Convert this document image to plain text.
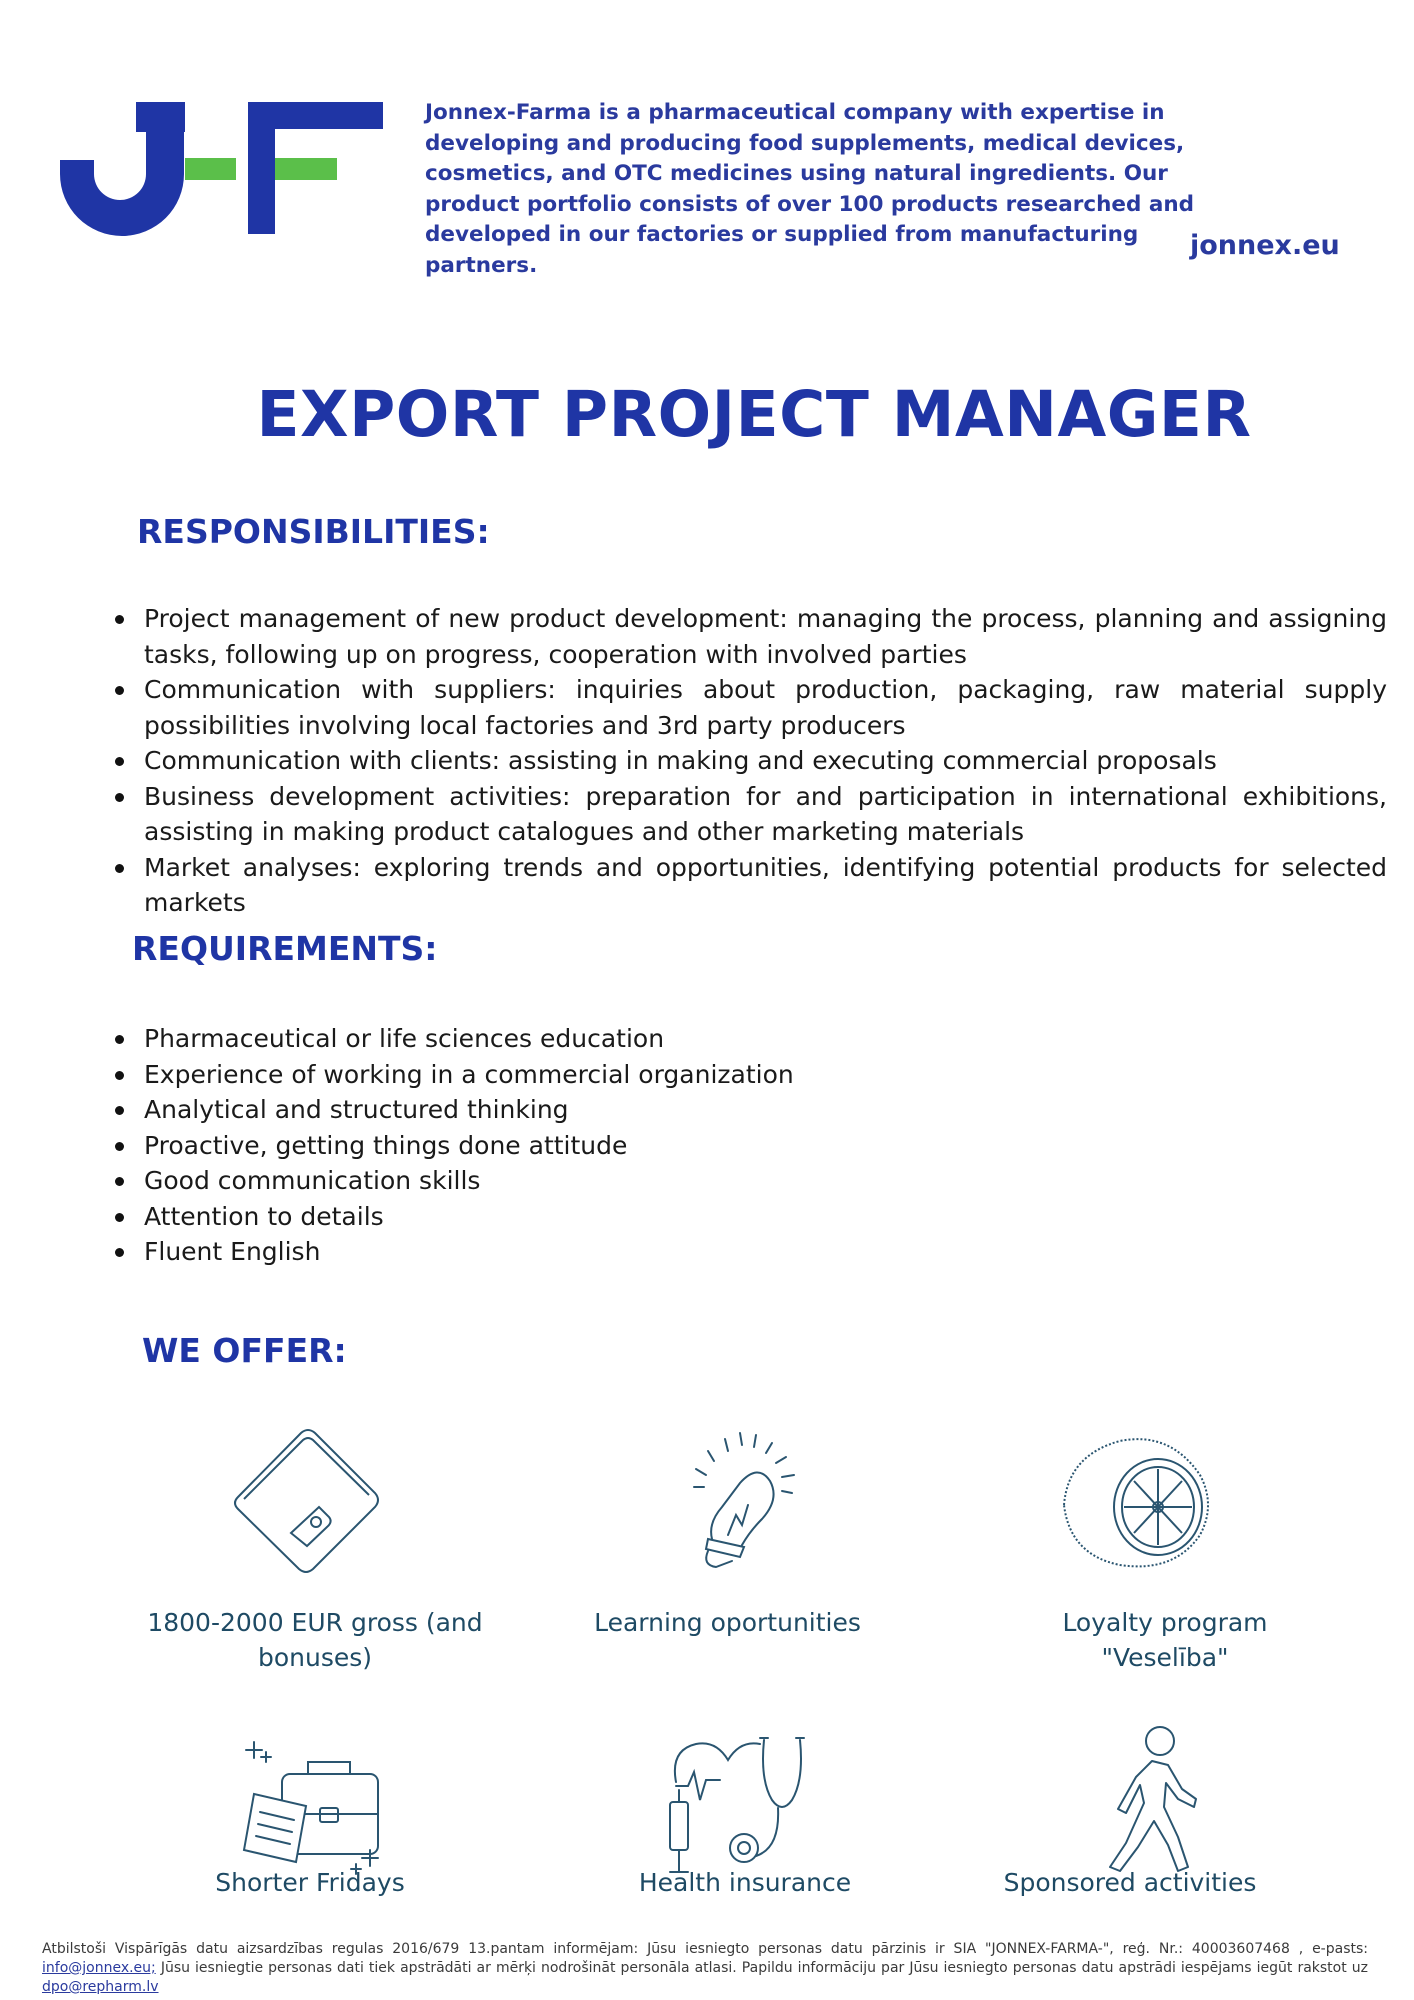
Jonnex-Farma is a pharmaceutical company with expertise in developing and producing food supplements, medical devices, cosmetics, and OTC medicines using natural ingredients. Our product portfolio consists of over 100 products researched and developed in our factories or supplied from manufacturing partners.
jonnex.eu
EXPORT PROJECT MANAGER
RESPONSIBILITIES:
Project management of new product development: managing the process, planning and assigning tasks, following up on progress, cooperation with involved parties
Communication with suppliers: inquiries about production, packaging, raw material supply possibilities involving local factories and 3rd party producers
Communication with clients: assisting in making and executing commercial proposals
Business development activities: preparation for and participation in international exhibitions, assisting in making product catalogues and other marketing materials
Market analyses: exploring trends and opportunities, identifying potential products for selected markets
REQUIREMENTS:
Pharmaceutical or life sciences education
Experience of working in a commercial organization
Analytical and structured thinking
Proactive, getting things done attitude
Good communication skills
Attention to details
Fluent English
WE OFFER:
1800-2000 EUR gross (and bonuses)
Learning oportunities	Loyalty program "Veselība"
Shorter Fridays	Health insurance	Sponsored activities
Atbilstoši Vispārīgās datu aizsardzības regulas 2016/679 13.pantam informējam: Jūsu iesniegto personas datu pārzinis ir SIA "JONNEX-FARMA-", reģ. Nr.: 40003607468 , e-pasts: info@jonnex.eu; Jūsu iesniegtie personas dati tiek apstrādāti ar mērķi nodrošināt personāla atlasi. Papildu informāciju par Jūsu iesniegto personas datu apstrādi iespējams iegūt rakstot uz dpo@repharm.lv
